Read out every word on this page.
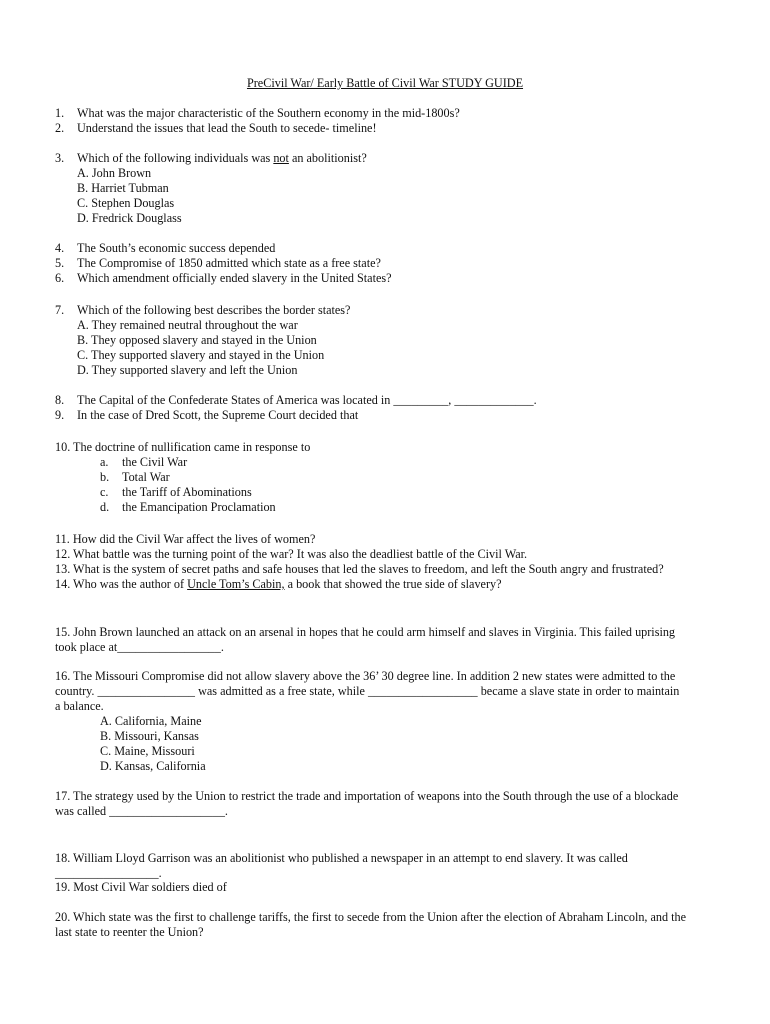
PreCivil War/ Early Battle of Civil War STUDY GUIDE
1. What was the major characteristic of the Southern economy in the mid-1800s?
2. Understand the issues that lead the South to secede- timeline!
3. Which of the following individuals was not an abolitionist?
A. John Brown
B. Harriet Tubman
C. Stephen Douglas
D. Fredrick Douglass
4. The South’s economic success depended
5. The Compromise of 1850 admitted which state as a free state?
6. Which amendment officially ended slavery in the United States?
7. Which of the following best describes the border states?
A. They remained neutral throughout the war
B. They opposed slavery and stayed in the Union
C. They supported slavery and stayed in the Union
D. They supported slavery and left the Union
8. The Capital of the Confederate States of America was located in _________, _____________.
9. In the case of Dred Scott, the Supreme Court decided that
10. The doctrine of nullification came in response to
a. the Civil War
b. Total War
c. the Tariff of Abominations
d. the Emancipation Proclamation
11. How did the Civil War affect the lives of women?
12. What battle was the turning point of the war? It was also the deadliest battle of the Civil War.
13. What is the system of secret paths and safe houses that led the slaves to freedom, and left the South angry and frustrated?
14. Who was the author of Uncle Tom’s Cabin, a book that showed the true side of slavery?
15. John Brown launched an attack on an arsenal in hopes that he could arm himself and slaves in Virginia. This failed uprising
took place at_________________.
16. The Missouri Compromise did not allow slavery above the 36’ 30 degree line. In addition 2 new states were admitted to the
country. ________________ was admitted as a free state, while __________________ became a slave state in order to maintain
a balance.
A. California, Maine
B. Missouri, Kansas
C. Maine, Missouri
D. Kansas, California
17. The strategy used by the Union to restrict the trade and importation of weapons into the South through the use of a blockade
was called ___________________.
18. William Lloyd Garrison was an abolitionist who published a newspaper in an attempt to end slavery. It was called
_________________.
19. Most Civil War soldiers died of
20. Which state was the first to challenge tariffs, the first to secede from the Union after the election of Abraham Lincoln, and the
last state to reenter the Union?
